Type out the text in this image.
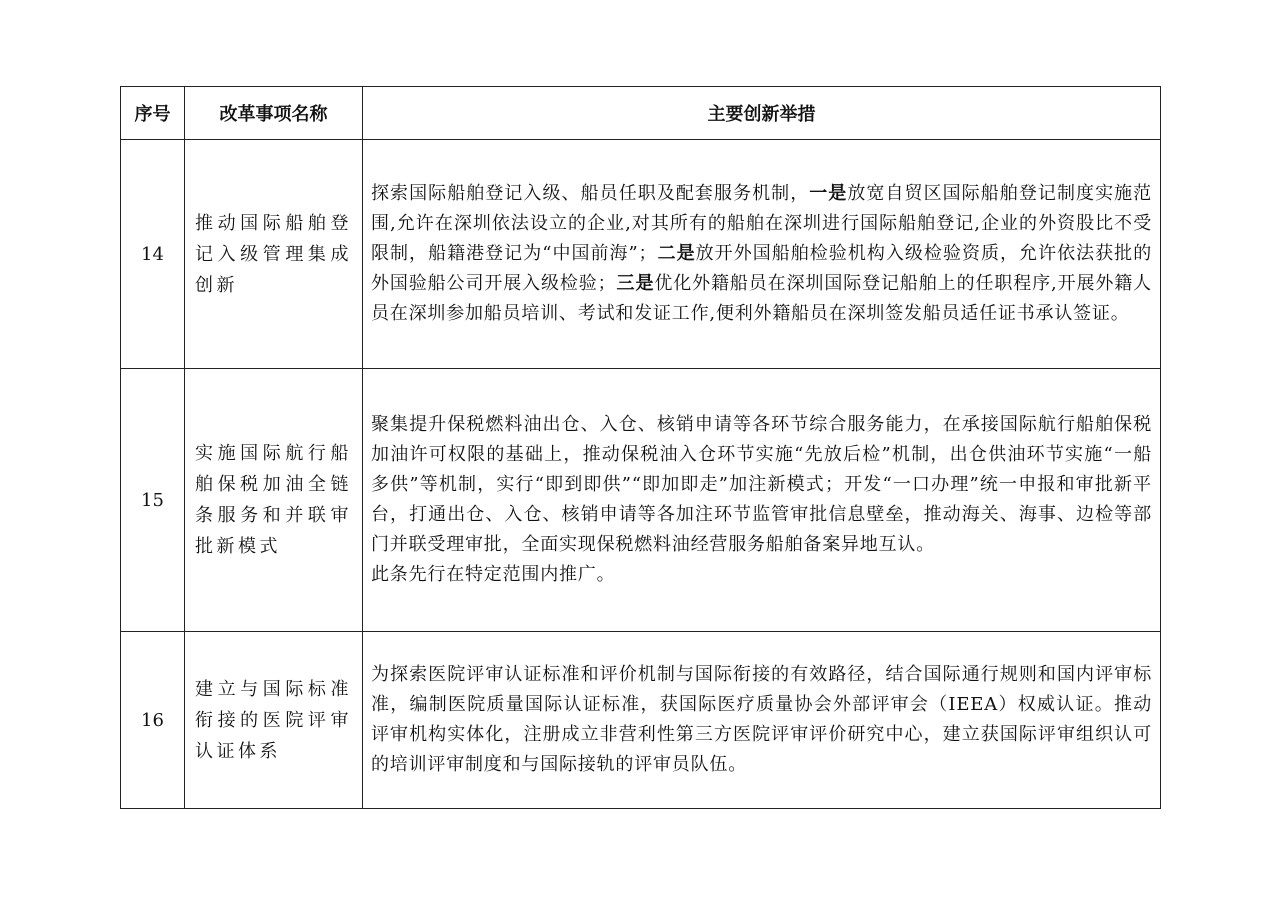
序号	改革事项名称	主要创新举措
14	推动国际船舶登记入级管理集成创新	探索国际船舶登记入级、船员任职及配套服务机制，一是放宽自贸区国际船舶登记制度实施范围,允许在深圳依法设立的企业,对其所有的船舶在深圳进行国际船舶登记,企业的外资股比不受限制，船籍港登记为“中国前海”；二是放开外国船舶检验机构入级检验资质，允许依法获批的外国验船公司开展入级检验；三是优化外籍船员在深圳国际登记船舶上的任职程序,开展外籍人员在深圳参加船员培训、考试和发证工作,便利外籍船员在深圳签发船员适任证书承认签证。

15	实施国际航行船舶保税加油全链条服务和并联审批新模式	聚集提升保税燃料油出仓、入仓、核销申请等各环节综合服务能力，在承接国际航行船舶保税加油许可权限的基础上，推动保税油入仓环节实施“先放后检”机制，出仓供油环节实施“一船多供”等机制，实行“即到即供”“即加即走”加注新模式；开发“一口办理”统一申报和审批新平台，打通出仓、入仓、核销申请等各加注环节监管审批信息壁垒，推动海关、海事、边检等部门并联受理审批，全面实现保税燃料油经营服务船舶备案异地互认。

此条先行在特定范围内推广。

16	建立与国际标准衔接的医院评审认证体系	为探索医院评审认证标准和评价机制与国际衔接的有效路径，结合国际通行规则和国内评审标准，编制医院质量国际认证标准，获国际医疗质量协会外部评审会（IEEA）权威认证。推动评审机构实体化，注册成立非营利性第三方医院评审评价研究中心，建立获国际评审组织认可的培训评审制度和与国际接轨的评审员队伍。
